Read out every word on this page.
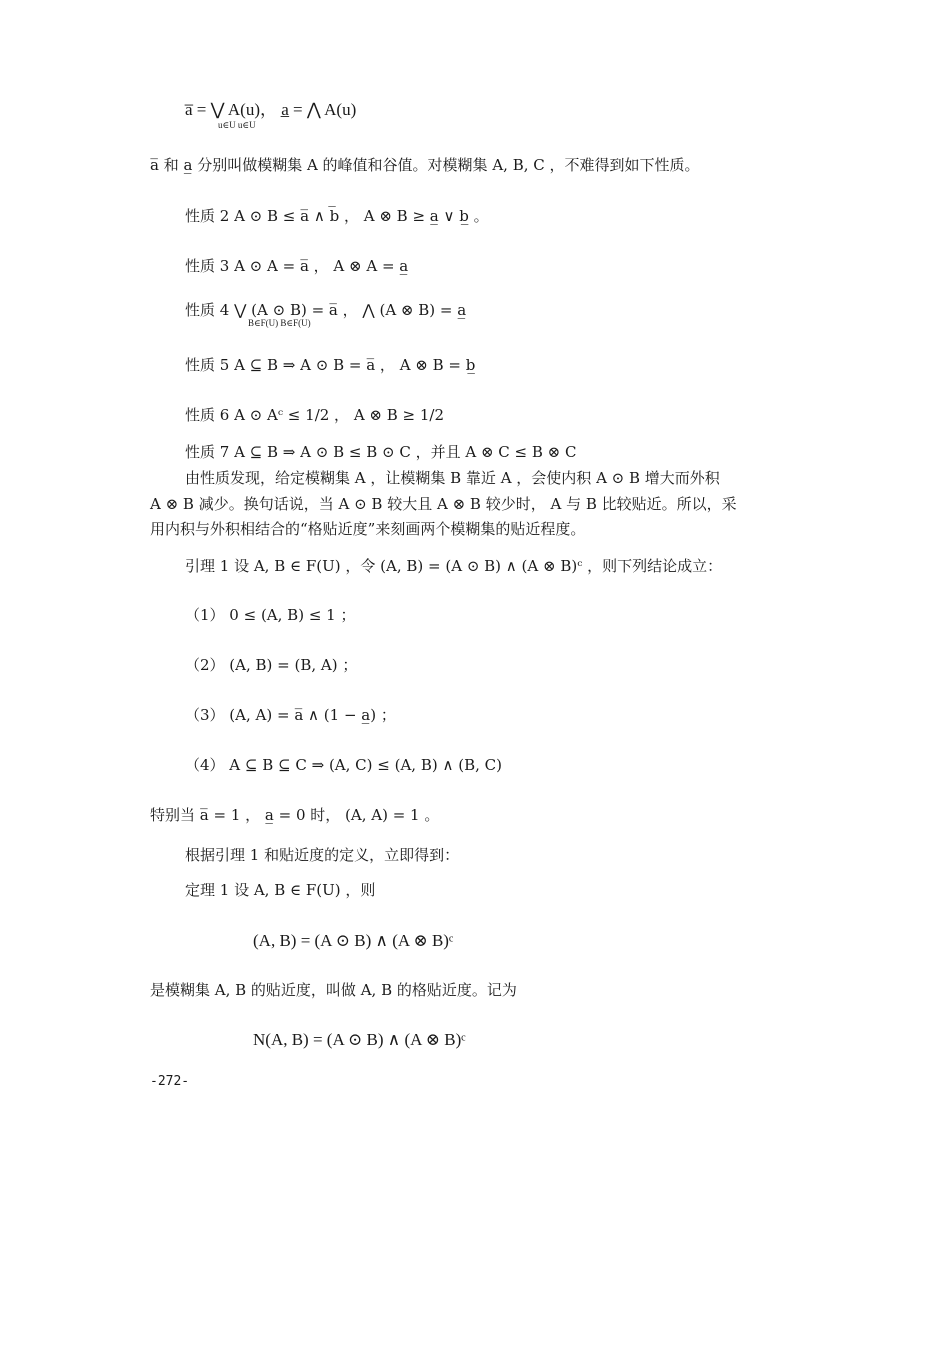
a̅ = ⋁ A(u)， a̲ = ⋀ A(u)
u∈U u∈U
a̅ 和 a̲ 分别叫做模糊集 A 的峰值和谷值。对模糊集 A, B, C ，不难得到如下性质。
性质 2 A ⊙ B ≤ a̅ ∧ b̅ ， A ⊗ B ≥ a̲ ∨ b̲ 。
性质 3 A ⊙ A = a̅ ， A ⊗ A = a̲
性质 4 ⋁ (A ⊙ B) = a̅ ， ⋀ (A ⊗ B) = a̲
B∈F(U) B∈F(U)
性质 5 A ⊆ B ⇒ A ⊙ B = a̅ ， A ⊗ B = b̲
性质 6 A ⊙ Aᶜ ≤ 1/2 ， A ⊗ B ≥ 1/2
性质 7 A ⊆ B ⇒ A ⊙ B ≤ B ⊙ C ，并且 A ⊗ C ≤ B ⊗ C
由性质发现，给定模糊集 A ，让模糊集 B 靠近 A ，会使内积 A ⊙ B 增大而外积
A ⊗ B 减少。换句话说，当 A ⊙ B 较大且 A ⊗ B 较少时， A 与 B 比较贴近。所以，采
用内积与外积相结合的“格贴近度”来刻画两个模糊集的贴近程度。
引理 1 设 A, B ∈ F(U) ，令 (A, B) = (A ⊙ B) ∧ (A ⊗ B)ᶜ ，则下列结论成立：
（1） 0 ≤ (A, B) ≤ 1 ；
（2） (A, B) = (B, A) ；
（3） (A, A) = a̅ ∧ (1 − a̲) ；
（4） A ⊆ B ⊆ C ⇒ (A, C) ≤ (A, B) ∧ (B, C)
特别当 a̅ = 1 ， a̲ = 0 时， (A, A) = 1 。
根据引理 1 和贴近度的定义，立即得到：
定理 1 设 A, B ∈ F(U) ，则
(A, B) = (A ⊙ B) ∧ (A ⊗ B)ᶜ
是模糊集 A, B 的贴近度，叫做 A, B 的格贴近度。记为
N(A, B) = (A ⊙ B) ∧ (A ⊗ B)ᶜ
-272-
